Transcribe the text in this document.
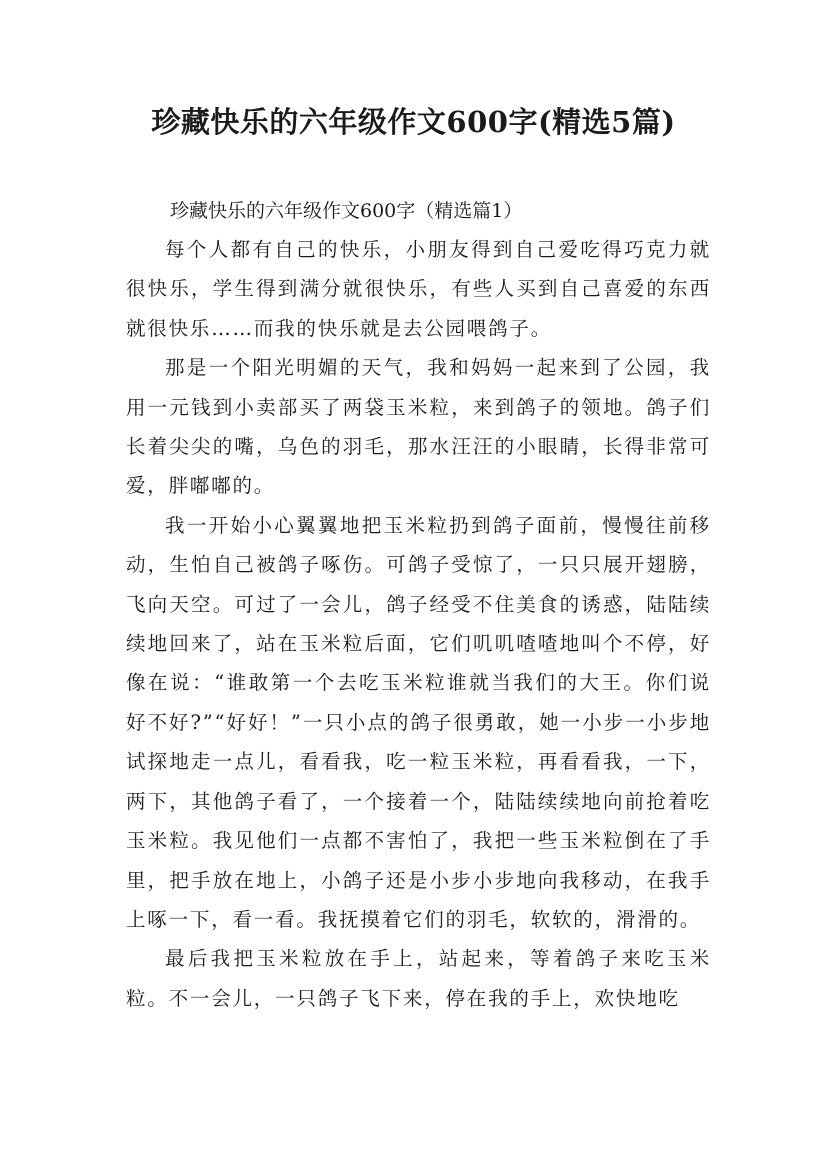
珍藏快乐的六年级作文600字(精选5篇)

珍藏快乐的六年级作文600字（精选篇1）

每个人都有自己的快乐，小朋友得到自己爱吃得巧克力就很快乐，学生得到满分就很快乐，有些人买到自己喜爱的东西就很快乐……而我的快乐就是去公园喂鸽子。

那是一个阳光明媚的天气，我和妈妈一起来到了公园，我用一元钱到小卖部买了两袋玉米粒，来到鸽子的领地。鸽子们长着尖尖的嘴，乌色的羽毛，那水汪汪的小眼睛，长得非常可爱，胖嘟嘟的。

我一开始小心翼翼地把玉米粒扔到鸽子面前，慢慢往前移动，生怕自己被鸽子啄伤。可鸽子受惊了，一只只展开翅膀，飞向天空。可过了一会儿，鸽子经受不住美食的诱惑，陆陆续续地回来了，站在玉米粒后面，它们叽叽喳喳地叫个不停，好像在说：“谁敢第一个去吃玉米粒谁就当我们的大王。你们说好不好?”“好好！”一只小点的鸽子很勇敢，她一小步一小步地试探地走一点儿，看看我，吃一粒玉米粒，再看看我，一下，两下，其他鸽子看了，一个接着一个，陆陆续续地向前抢着吃玉米粒。我见他们一点都不害怕了，我把一些玉米粒倒在了手里，把手放在地上，小鸽子还是小步小步地向我移动，在我手上啄一下，看一看。我抚摸着它们的羽毛，软软的，滑滑的。

最后我把玉米粒放在手上，站起来，等着鸽子来吃玉米粒。不一会儿，一只鸽子飞下来，停在我的手上，欢快地吃
